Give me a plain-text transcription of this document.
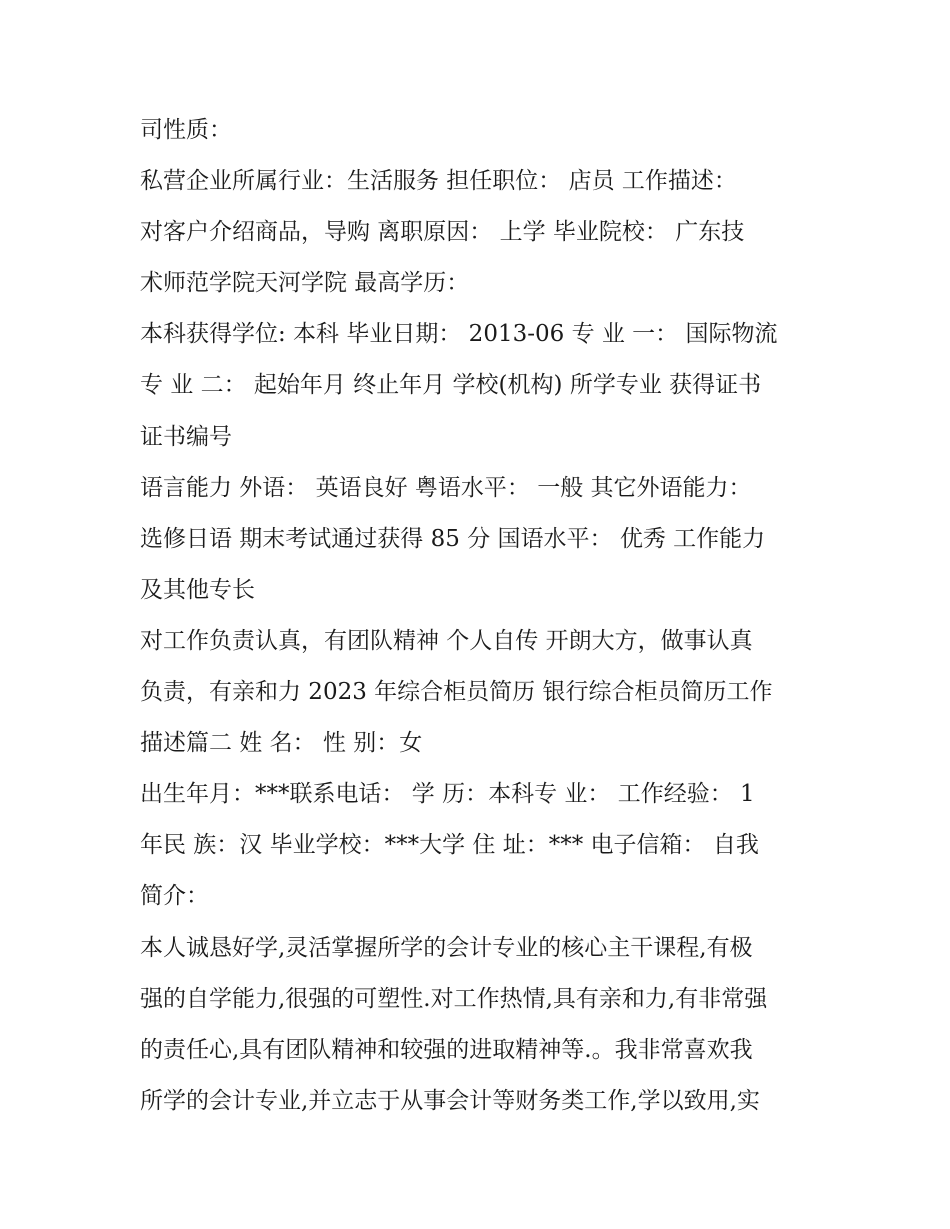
司性质：
私营企业所属行业：生活服务 担任职位： 店员 工作描述：
对客户介绍商品，导购 离职原因： 上学 毕业院校： 广东技
术师范学院天河学院 最高学历：
本科获得学位: 本科 毕业日期： 2013-06 专 业 一： 国际物流
专 业 二： 起始年月 终止年月 学校(机构) 所学专业 获得证书
证书编号
语言能力 外语： 英语良好 粤语水平： 一般 其它外语能力：
选修日语 期末考试通过获得 85 分 国语水平： 优秀 工作能力
及其他专长
对工作负责认真，有团队精神 个人自传 开朗大方，做事认真
负责，有亲和力 2023 年综合柜员简历 银行综合柜员简历工作
描述篇二 姓 名： 性 别：女
出生年月：***联系电话： 学 历：本科专 业： 工作经验： 1
年民 族：汉 毕业学校：***大学 住 址：*** 电子信箱： 自我
简介：
本人诚恳好学,灵活掌握所学的会计专业的核心主干课程,有极
强的自学能力,很强的可塑性.对工作热情,具有亲和力,有非常强
的责任心,具有团队精神和较强的进取精神等.。我非常喜欢我
所学的会计专业,并立志于从事会计等财务类工作,学以致用,实
